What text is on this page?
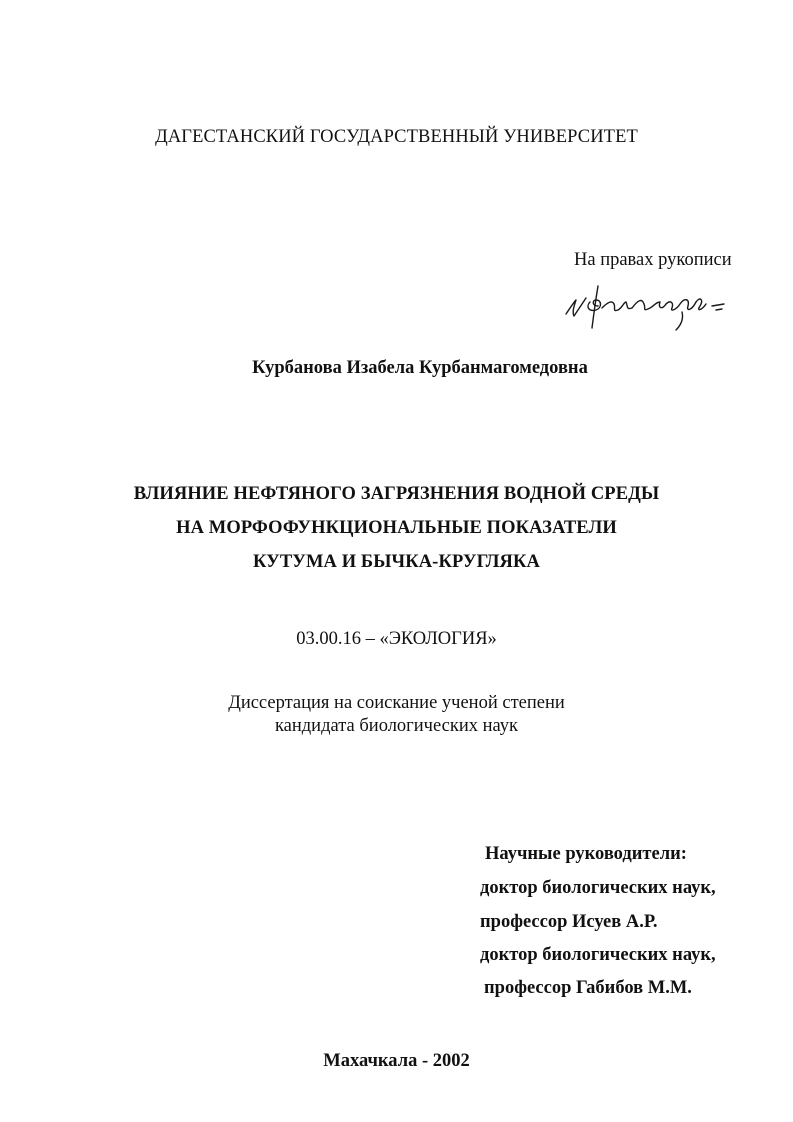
ДАГЕСТАНСКИЙ ГОСУДАРСТВЕННЫЙ УНИВЕРСИТЕТ
На правах рукописи
Курбанова Изабела Курбанмагомедовна
ВЛИЯНИЕ НЕФТЯНОГО ЗАГРЯЗНЕНИЯ ВОДНОЙ СРЕДЫ
НА МОРФОФУНКЦИОНАЛЬНЫЕ ПОКАЗАТЕЛИ
КУТУМА И БЫЧКА-КРУГЛЯКА
03.00.16 – «ЭКОЛОГИЯ»
Диссертация на соискание ученой степени
кандидата биологических наук
Научные руководители:
доктор биологических наук,
профессор Исуев А.Р.
доктор биологических наук,
профессор Габибов М.М.
Махачкала - 2002
